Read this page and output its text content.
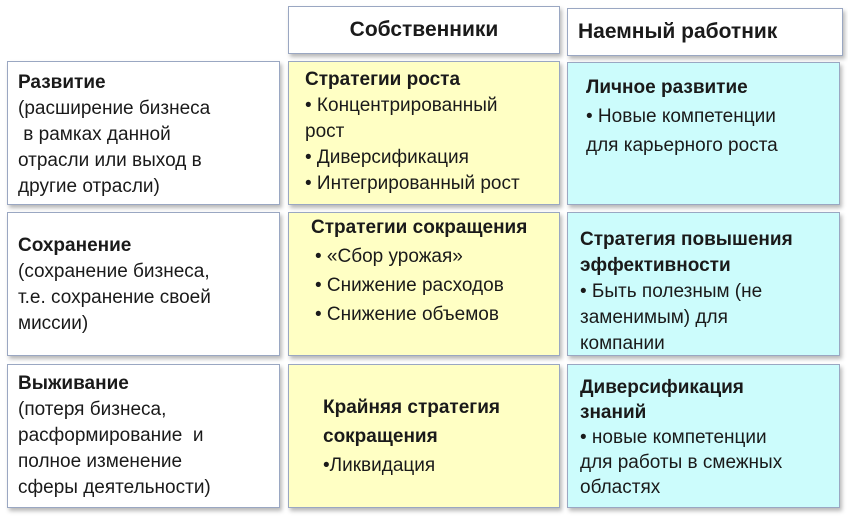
Собственники	Наемный работник
Развитие
(расширение бизнеса
в рамках данной
отрасли или выход в
другие отрасли)
Стратегии роста
• Концентрированный
рост
• Диверсификация
• Интегрированный рост
Личное развитие
• Новые компетенции
для карьерного роста
Сохранение
(сохранение бизнеса,
т.е. сохранение своей
миссии)
Стратегии сокращения
• «Сбор урожая»
• Снижение расходов
• Снижение объемов
Стратегия повышения
эффективности
• Быть полезным (не
заменимым) для
компании
Выживание
(потеря бизнеса,
расформирование  и
полное изменение
сферы деятельности)
Крайняя стратегия
сокращения
•Ликвидация
Диверсификация
знаний
• новые компетенции
для работы в смежных
областях
